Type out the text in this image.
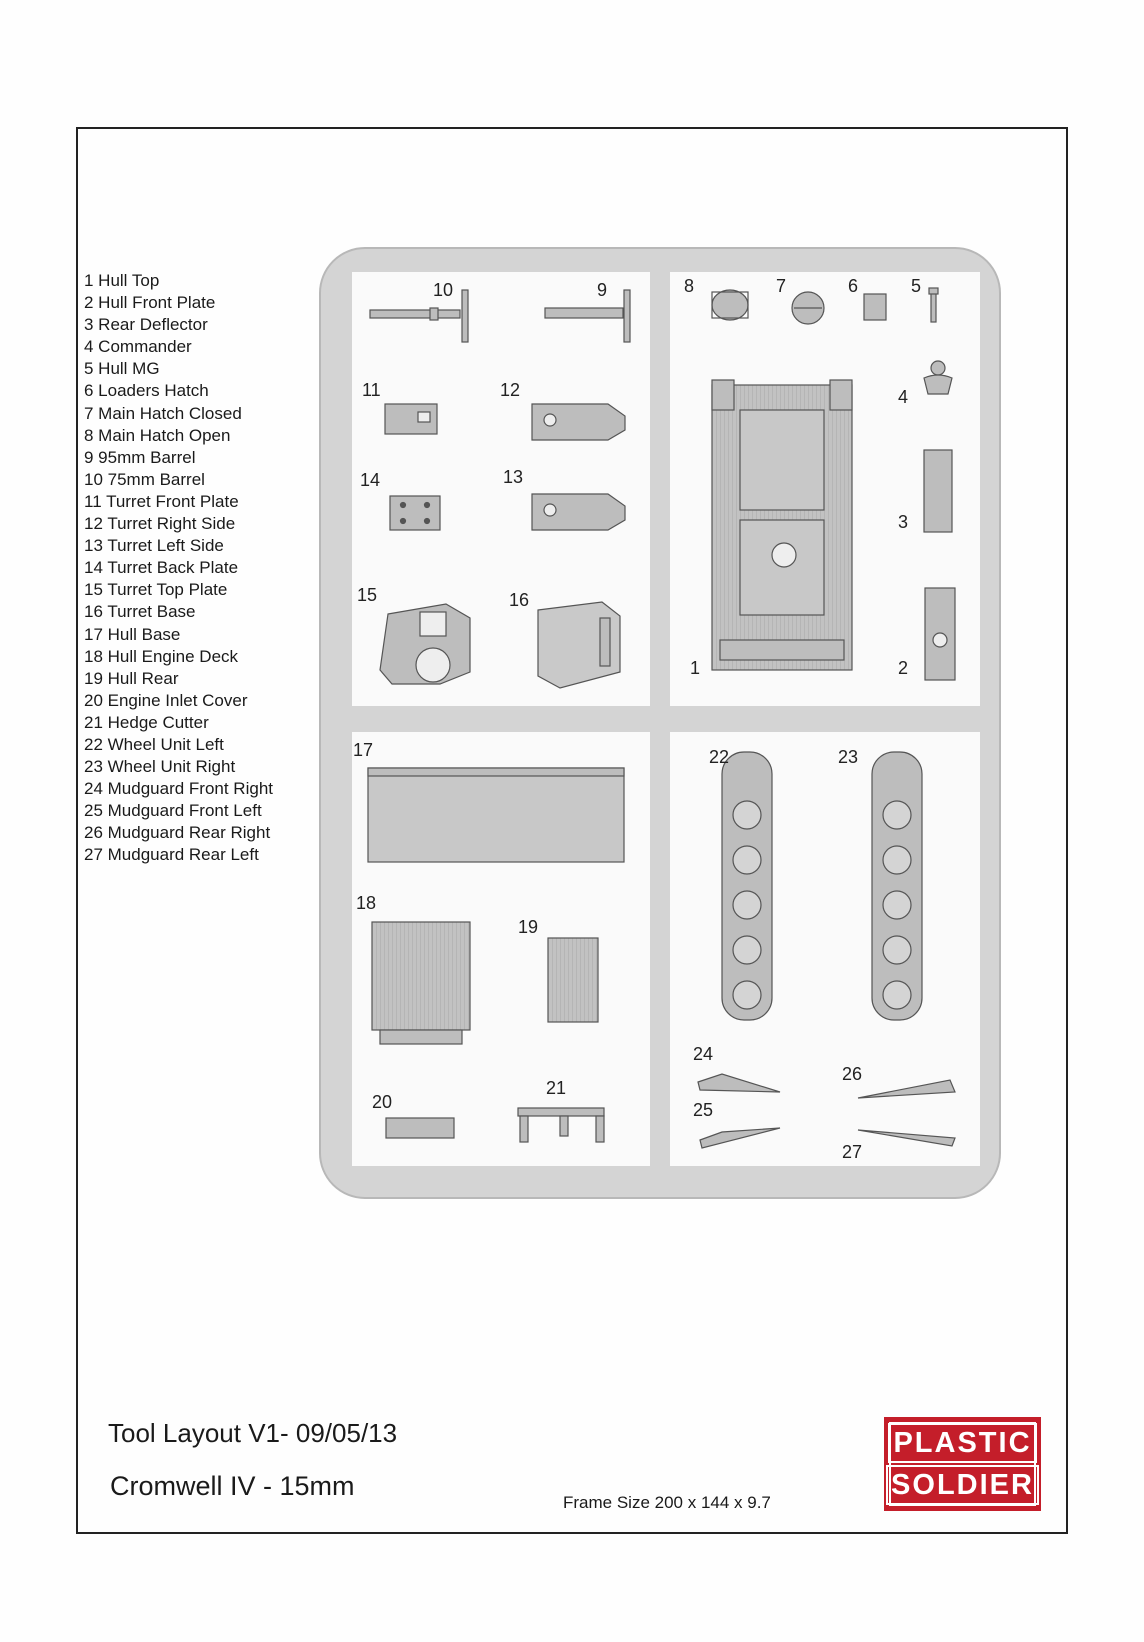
1 Hull Top
2 Hull Front Plate
3 Rear Deflector
4 Commander
5 Hull MG
6 Loaders Hatch
7 Main Hatch Closed
8 Main Hatch Open
9 95mm Barrel
10 75mm Barrel
11 Turret Front Plate
12 Turret Right Side
13 Turret Left Side
14 Turret Back Plate
15 Turret Top Plate
16 Turret Base
17 Hull Base
18 Hull Engine Deck
19 Hull Rear
20 Engine Inlet Cover
21 Hedge Cutter
22 Wheel Unit Left
23 Wheel Unit Right
24 Mudguard Front Right
25 Mudguard Front Left
26 Mudguard Rear Right
27 Mudguard Rear Left
10	9	8	7	6	5
4
3
2
1
11	12
14	13
15	16
17	22	23
18
19
24
26
21
20	25
27
Tool Layout V1- 09/05/13
Cromwell IV - 15mm
Frame Size 200 x 144 x 9.7
PLASTIC
SOLDIER
